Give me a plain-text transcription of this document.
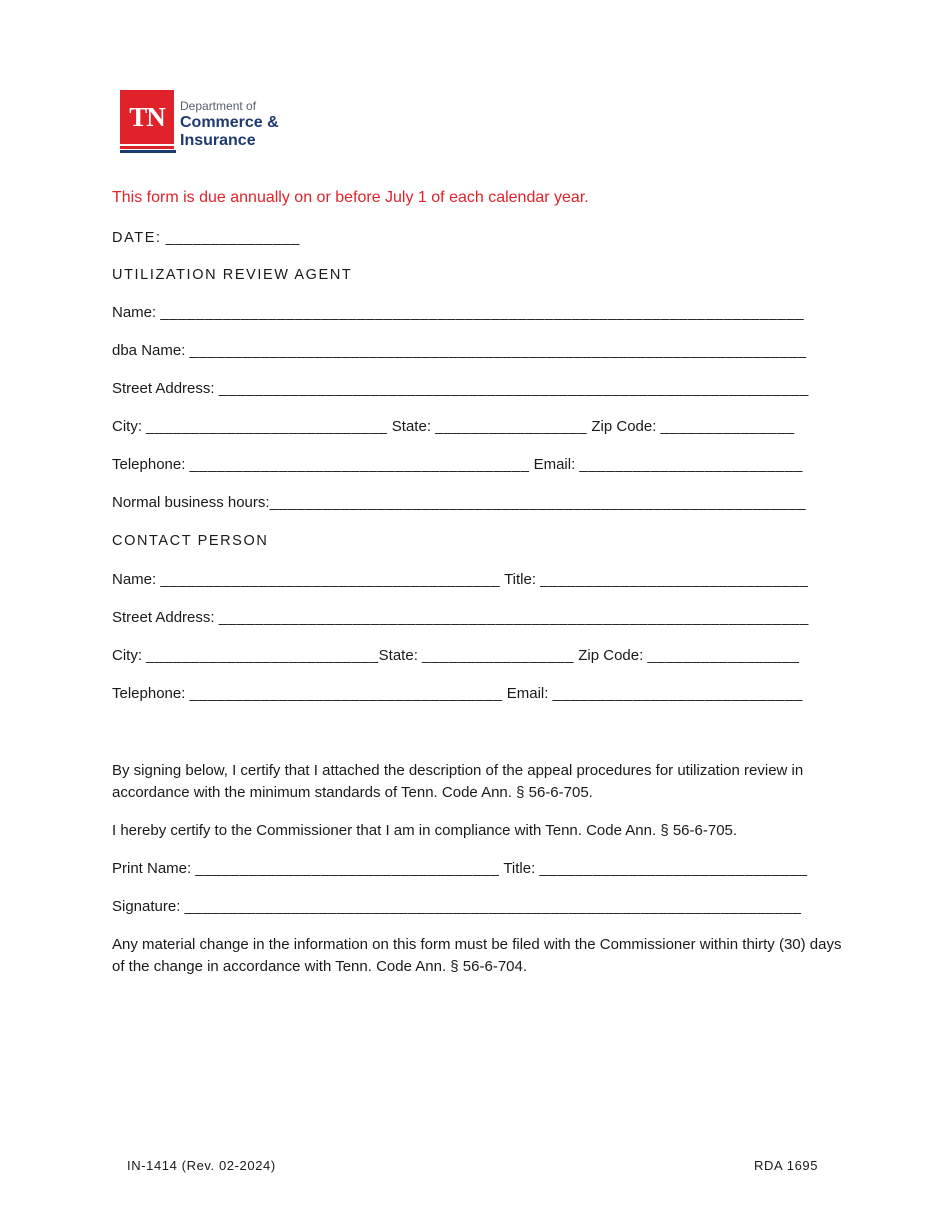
TN	Department of
Commerce &
Insurance
This form is due annually on or before July 1 of each calendar year.
DATE: _______________
UTILIZATION REVIEW AGENT
Name: ________________________________________________________________________
dba Name: _____________________________________________________________________
Street Address: __________________________________________________________________
City: ___________________________ State: _________________ Zip Code: _______________
Telephone: ______________________________________ Email: _________________________
Normal business hours:____________________________________________________________
CONTACT PERSON
Name: ______________________________________ Title: ______________________________
Street Address: __________________________________________________________________
City: __________________________State: _________________ Zip Code: _________________
Telephone: ___________________________________ Email: ____________________________
By signing below, I certify that I attached the description of the appeal procedures for utilization review in accordance with the minimum standards of Tenn. Code Ann. § 56-6-705.
I hereby certify to the Commissioner that I am in compliance with Tenn. Code Ann. § 56-6-705.
Print Name: __________________________________ Title: ______________________________
Signature: _____________________________________________________________________
Any material change in the information on this form must be filed with the Commissioner within thirty (30) days of the change in accordance with Tenn. Code Ann. § 56-6-704.
IN-1414 (Rev. 02-2024)	RDA 1695
